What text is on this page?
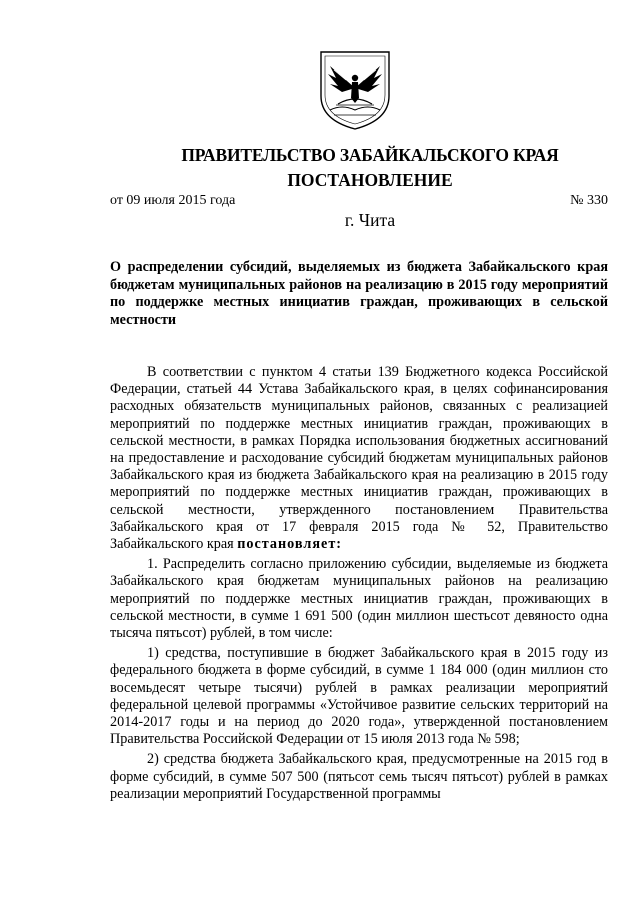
ПРАВИТЕЛЬСТВО ЗАБАЙКАЛЬСКОГО КРАЯ
ПОСТАНОВЛЕНИЕ
от 09 июля 2015 года	№ 330
г. Чита

О распределении субсидий, выделяемых из бюджета Забайкальского края бюджетам муниципальных районов на реализацию в 2015 году мероприятий по поддержке местных инициатив граждан, проживающих в сельской местности

В соответствии с пунктом 4 статьи 139 Бюджетного кодекса Российской Федерации, статьей 44 Устава Забайкальского края, в целях софинансирования расходных обязательств муниципальных районов, связанных с реализацией мероприятий по поддержке местных инициатив граждан, проживающих в сельской местности, в рамках Порядка использования бюджетных ассигнований на предоставление и расходование субсидий бюджетам муниципальных районов Забайкальского края из бюджета Забайкальского края на реализацию в 2015 году мероприятий по поддержке местных инициатив граждан, проживающих в сельской местности, утвержденного постановлением Правительства Забайкальского края от 17 февраля 2015 года № 52, Правительство Забайкальского края постановляет:

1. Распределить согласно приложению субсидии, выделяемые из бюджета Забайкальского края бюджетам муниципальных районов на реализацию мероприятий по поддержке местных инициатив граждан, проживающих в сельской местности, в сумме 1 691 500 (один миллион шестьсот девяносто одна тысяча пятьсот) рублей, в том числе:

1) средства, поступившие в бюджет Забайкальского края в 2015 году из федерального бюджета в форме субсидий, в сумме 1 184 000 (один миллион сто восемьдесят четыре тысячи) рублей в рамках реализации мероприятий федеральной целевой программы «Устойчивое развитие сельских территорий на 2014-2017 годы и на период до 2020 года», утвержденной постановлением Правительства Российской Федерации от 15 июля 2013 года № 598;

2) средства бюджета Забайкальского края, предусмотренные на 2015 год в форме субсидий, в сумме 507 500 (пятьсот семь тысяч пятьсот) рублей в рамках реализации мероприятий Государственной программы
